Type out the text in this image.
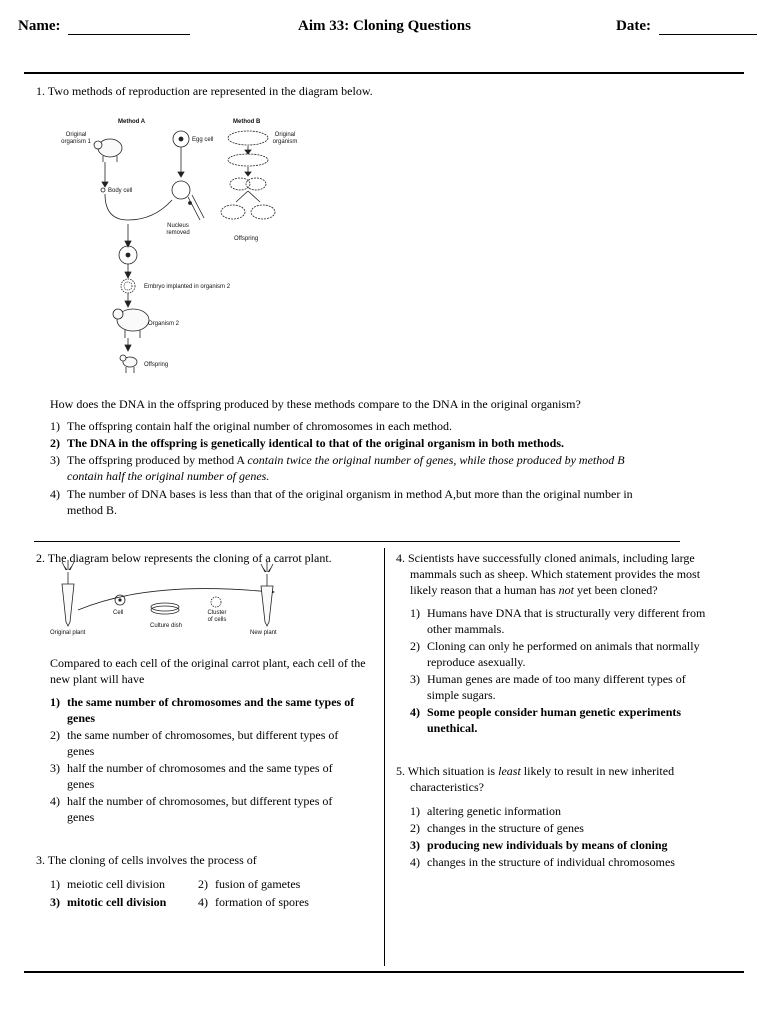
Name:	Aim 33: Cloning Questions	Date:
1. Two methods of reproduction are represented in the diagram below.
Method A	Method B
Original organism 1	Egg cell
Original organism
Body cell
Nucleus removed
Offspring
Embryo implanted in organism 2
Organism 2
Offspring
How does the DNA in the offspring produced by these methods compare to the DNA in the original organism?
1) The offspring contain half the original number of chromosomes in each method.
2) The DNA in the offspring is genetically identical to that of the original organism in both methods.
3) The offspring produced by method A contain twice the original number of genes, while those produced by method B
contain half the original number of genes.
4) The number of DNA bases is less than that of the original organism in method A,but more than the original number in
method B.
2. The diagram below represents the cloning of a carrot plant.
Cell	Cluster of cells
Culture dish
Original plant	New plant
Compared to each cell of the original carrot plant, each cell of the
new plant will have
1) the same number of chromosomes and the same types of
genes
2) the same number of chromosomes, but different types of
genes
3) half the number of chromosomes and the same types of
genes
4) half the number of chromosomes, but different types of
genes
3. The cloning of cells involves the process of
1) meiotic cell division	2) fusion of gametes
3) mitotic cell division	4) formation of spores
4. Scientists have successfully cloned animals, including large
mammals such as sheep. Which statement provides the most
likely reason that a human has not yet been cloned?
1) Humans have DNA that is structurally very different from
other mammals.
2) Cloning can only he performed on animals that normally
reproduce asexually.
3) Human genes are made of too many different types of
simple sugars.
4) Some people consider human genetic experiments
unethical.
5. Which situation is least likely to result in new inherited
characteristics?
1) altering genetic information
2) changes in the structure of genes
3) producing new individuals by means of cloning
4) changes in the structure of individual chromosomes
